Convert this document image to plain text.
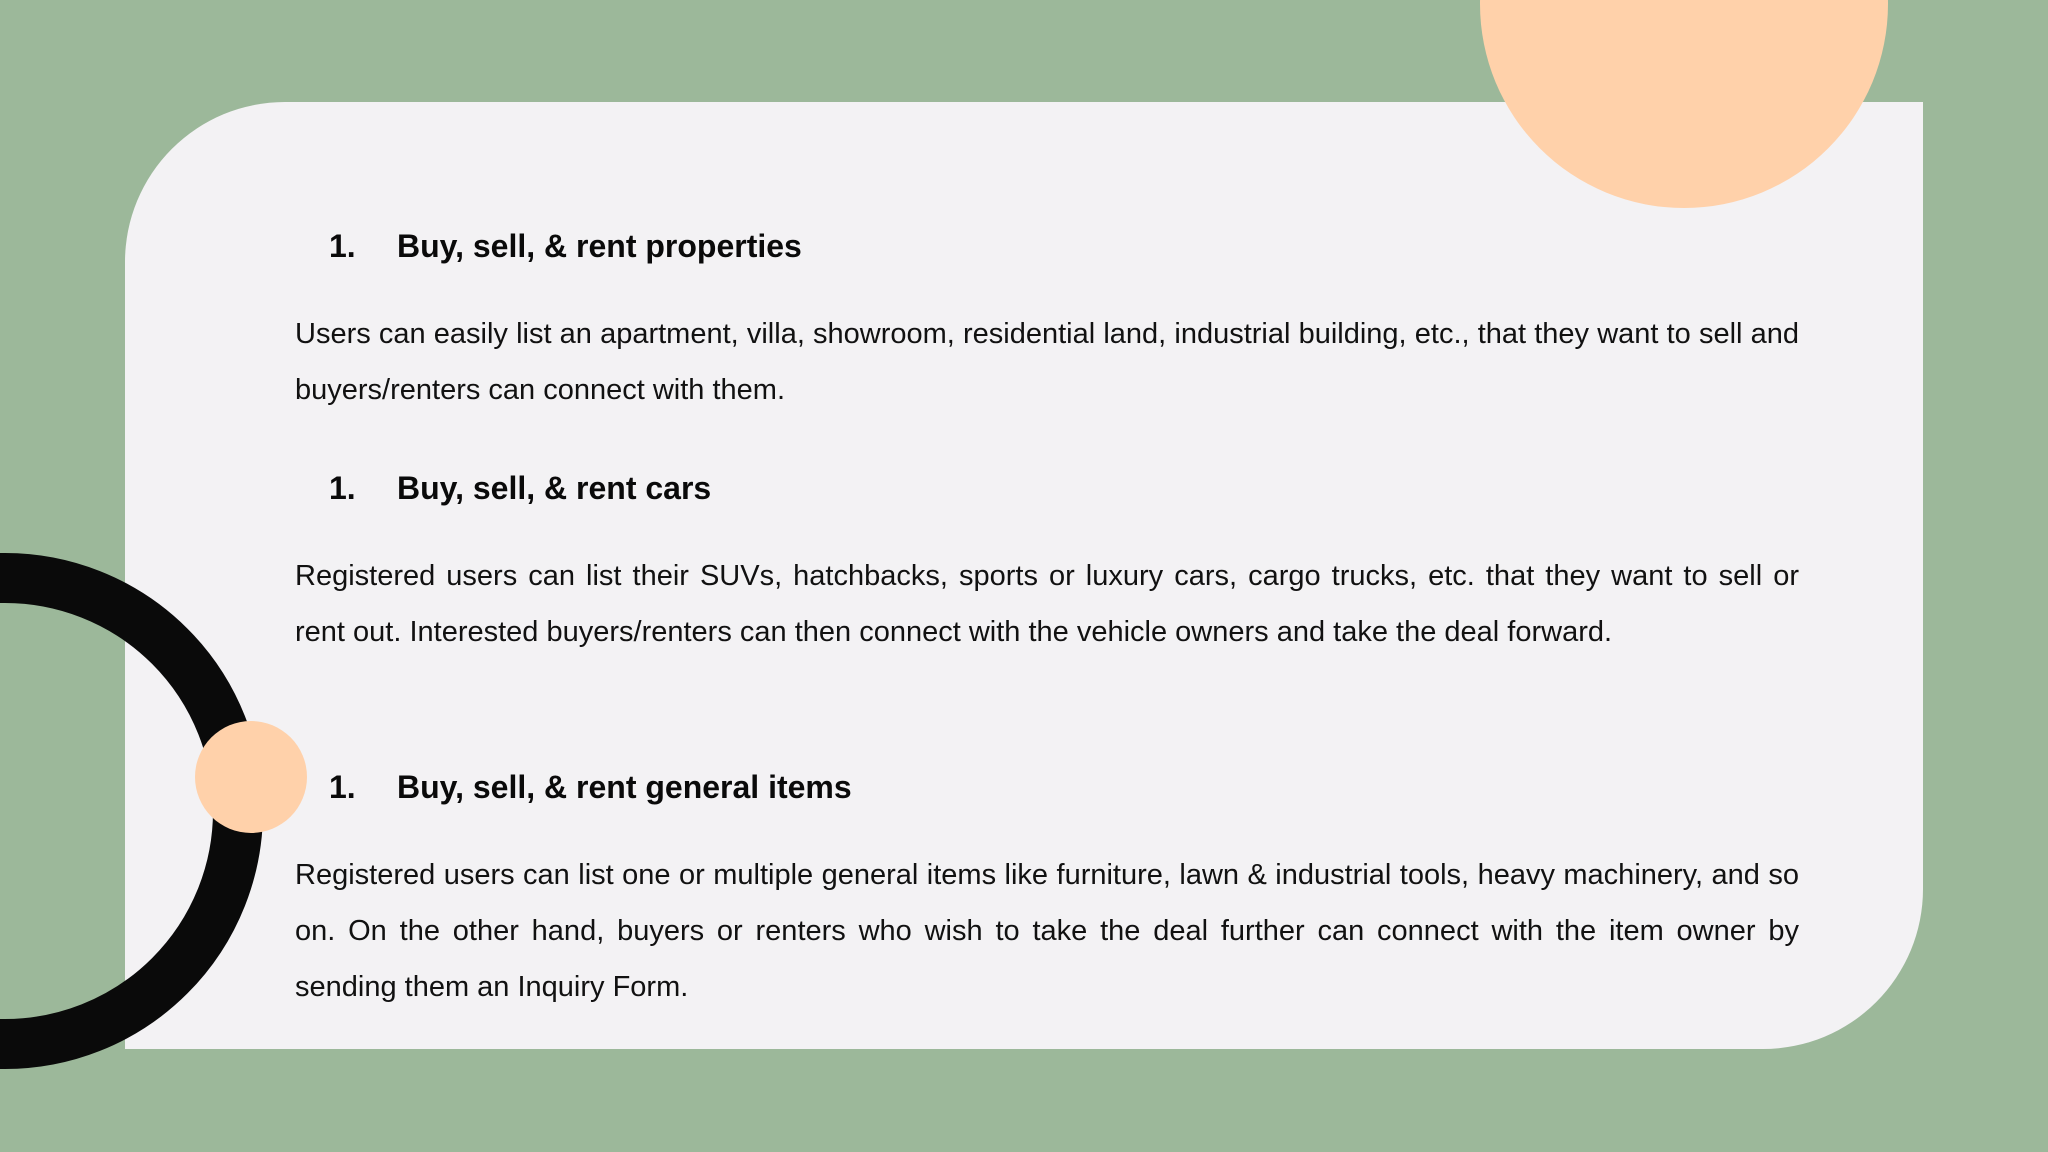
1.	Buy, sell, & rent properties
Users can easily list an apartment, villa, showroom, residential land, industrial building, etc., that they want to sell and buyers/renters can connect with them.
1.	Buy, sell, & rent cars
Registered users can list their SUVs, hatchbacks, sports or luxury cars, cargo trucks, etc. that they want to sell or rent out. Interested buyers/renters can then connect with the vehicle owners and take the deal forward.
1.	Buy, sell, & rent general items
Registered users can list one or multiple general items like furniture, lawn & industrial tools, heavy machinery, and so on. On the other hand, buyers or renters who wish to take the deal further can connect with the item owner by sending them an Inquiry Form.
